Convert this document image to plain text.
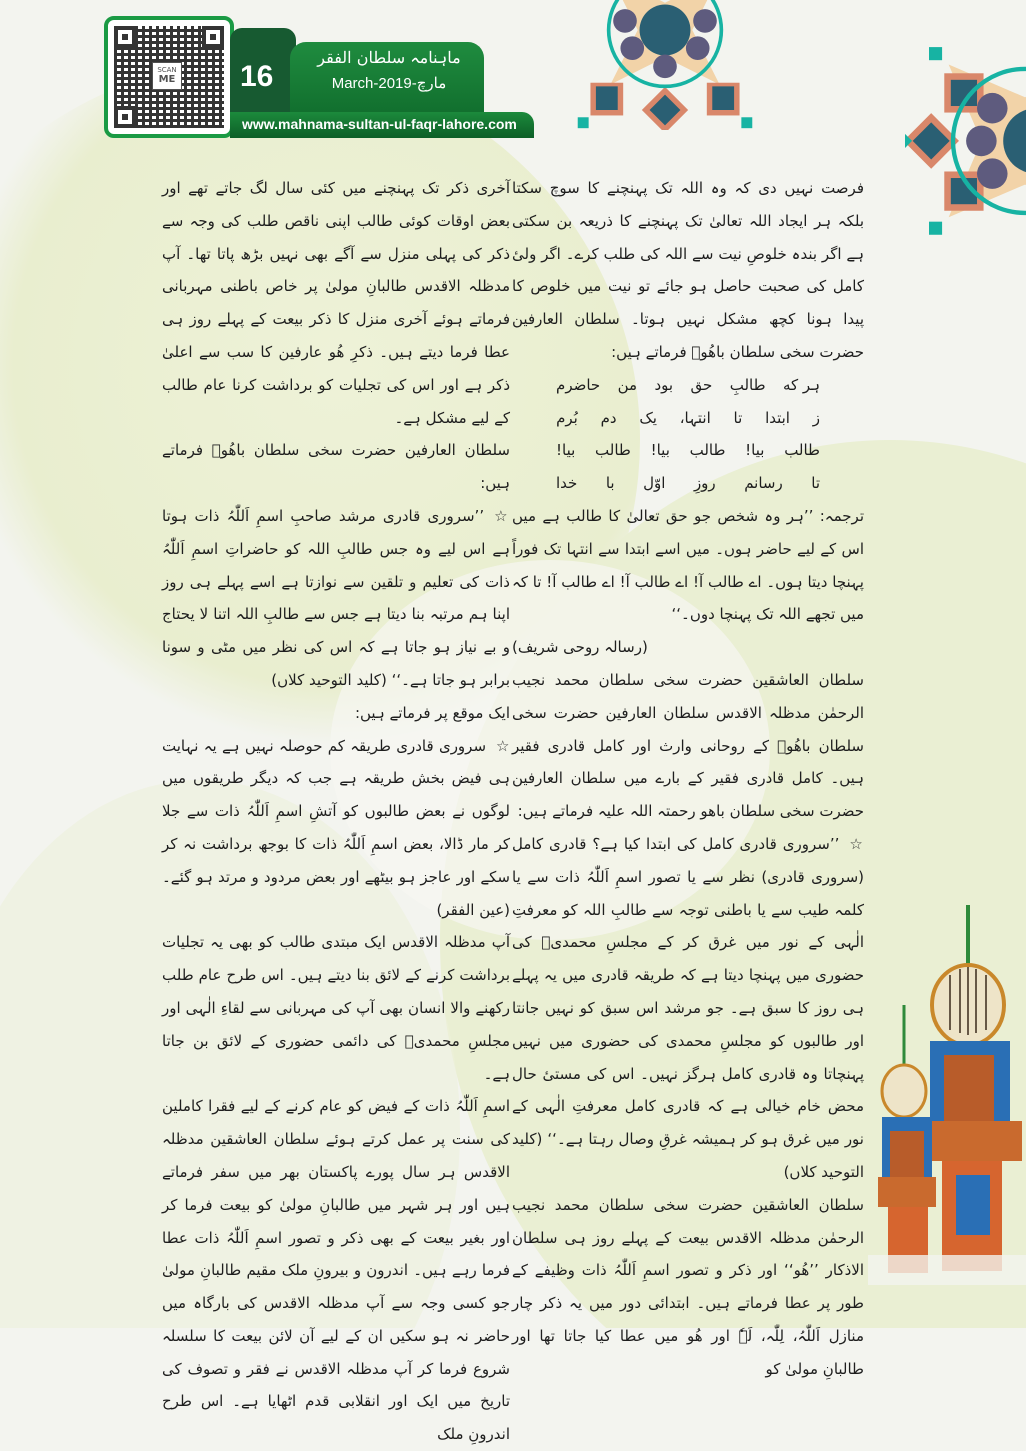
SCAN
ME 16
ماہنامہ سلطان الفقر
March-2019-مارچ
www.mahnama-sultan-ul-faqr-lahore.com

فرصت نہیں دی کہ وہ اللہ تک پہنچنے کا سوچ سکتا بلکہ ہر ایجاد اللہ تعالیٰ تک پہنچنے کا ذریعہ بن سکتی ہے اگر بندہ خلوصِ نیت سے اللہ کی طلب کرے۔ اگر ولیٔ کامل کی صحبت حاصل ہو جائے تو نیت میں خلوص کا پیدا ہونا کچھ مشکل نہیں ہوتا۔ سلطان العارفین حضرت سخی سلطان باھُوؒ فرماتے ہیں:

ہر که
طالبِ
حق
بود
من
حاضرم
ز
ابتدا
تا
انتہا،
یک
دم
بُرم
طالب
بیا!
طالب
بیا!
طالب
بیا!
تا
رسانم
روزِ
اوّل
با
خدا

ترجمہ: ’’ہر وہ شخص جو حق تعالیٰ کا طالب ہے میں اس کے لیے حاضر ہوں۔ میں اسے ابتدا سے انتہا تک فوراً پہنچا دیتا ہوں۔ اے طالب آ! اے طالب آ! اے طالب آ! تا کہ میں تجھے اللہ تک پہنچا دوں۔‘‘

(رسالہ روحی شریف)

سلطان العاشقین حضرت سخی سلطان محمد نجیب الرحمٰن مدظلہ الاقدس سلطان العارفین حضرت سخی سلطان باھُوؒ کے روحانی وارث اور کامل قادری فقیر ہیں۔ کامل قادری فقیر کے بارے میں سلطان العارفین حضرت سخی سلطان باھو رحمتہ اللہ علیہ فرماتے ہیں:

☆’’سروری قادری کامل کی ابتدا کیا ہے؟ قادری کامل (سروری قادری) نظر سے یا تصور اسمِ اَللّٰہُ ذات سے یا کلمہ طیب سے یا باطنی توجہ سے طالبِ اللہ کو معرفتِ الٰہی کے نور میں غرق کر کے مجلسِ محمدیؐ کی حضوری میں پہنچا دیتا ہے کہ طریقہ قادری میں یہ پہلے ہی روز کا سبق ہے۔ جو مرشد اس سبق کو نہیں جانتا اور طالبوں کو مجلسِ محمدی کی حضوری میں نہیں پہنچاتا وہ قادری کامل ہرگز نہیں۔ اس کی مستیٔ حال محض خام خیالی ہے کہ قادری کامل معرفتِ الٰہی کے نور میں غرق ہو کر ہمیشہ غرقِ وصال رہتا ہے۔‘‘ (کلید التوحید کلاں)

سلطان العاشقین حضرت سخی سلطان محمد نجیب الرحمٰن مدظلہ الاقدس بیعت کے پہلے روز ہی سلطان الاذکار ’’ھُو‘‘ اور ذکر و تصور اسمِ اَللّٰہُ ذات وظیفے کے طور پر عطا فرماتے ہیں۔ ابتدائی دور میں یہ ذکر چار منازل اَللّٰہُ، لِلّٰہ، لَہٗ اور ھُو میں عطا کیا جاتا تھا اور طالبانِ مولیٰ کو

آخری ذکر تک پہنچنے میں کئی سال لگ جاتے تھے اور بعض اوقات کوئی طالب اپنی ناقص طلب کی وجہ سے ذکر کی پہلی منزل سے آگے بھی نہیں بڑھ پاتا تھا۔ آپ مدظلہ الاقدس طالبانِ مولیٰ پر خاص باطنی مہربانی فرماتے ہوئے آخری منزل کا ذکر بیعت کے پہلے روز ہی عطا فرما دیتے ہیں۔ ذکرِ ھُو عارفین کا سب سے اعلیٰ ذکر ہے اور اس کی تجلیات کو برداشت کرنا عام طالب کے لیے مشکل ہے۔

سلطان العارفین حضرت سخی سلطان باھُوؒ فرماتے ہیں:

☆’’سروری قادری مرشد صاحبِ اسمِ اَللّٰہُ ذات ہوتا ہے اس لیے وہ جس طالبِ اللہ کو حاضراتِ اسمِ اَللّٰہُ ذات کی تعلیم و تلقین سے نوازتا ہے اسے پہلے ہی روز اپنا ہم مرتبہ بنا دیتا ہے جس سے طالبِ اللہ اتنا لا یحتاج و بے نیاز ہو جاتا ہے کہ اس کی نظر میں مٹی و سونا برابر ہو جاتا ہے۔‘‘ (کلید التوحید کلاں)

ایک موقع پر فرماتے ہیں:

☆سروری قادری طریقہ کم حوصلہ نہیں ہے یہ نہایت ہی فیض بخش طریقہ ہے جب کہ دیگر طریقوں میں لوگوں نے بعض طالبوں کو آتشِ اسمِ اَللّٰہُ ذات سے جلا کر مار ڈالا، بعض اسمِ اَللّٰہُ ذات کا بوجھ برداشت نہ کر سکے اور عاجز ہو بیٹھے اور بعض مردود و مرتد ہو گئے۔ (عین الفقر)

آپ مدظلہ الاقدس ایک مبتدی طالب کو بھی یہ تجلیات برداشت کرنے کے لائق بنا دیتے ہیں۔ اس طرح عام طلب رکھنے والا انسان بھی آپ کی مہربانی سے لقاءِ الٰہی اور مجلسِ محمدیؐ کی دائمی حضوری کے لائق بن جاتا ہے۔

اسمِ اَللّٰہُ ذات کے فیض کو عام کرنے کے لیے فقرا کاملین کی سنت پر عمل کرتے ہوئے سلطان العاشقین مدظلہ الاقدس ہر سال پورے پاکستان بھر میں سفر فرماتے ہیں اور ہر شہر میں طالبانِ مولیٰ کو بیعت فرما کر اور بغیر بیعت کے بھی ذکر و تصور اسمِ اَللّٰہُ ذات عطا فرما رہے ہیں۔ اندرون و بیرونِ ملک مقیم طالبانِ مولیٰ جو کسی وجہ سے آپ مدظلہ الاقدس کی بارگاہ میں حاضر نہ ہو سکیں ان کے لیے آن لائن بیعت کا سلسلہ شروع فرما کر آپ مدظلہ الاقدس نے فقر و تصوف کی تاریخ میں ایک اور انقلابی قدم اٹھایا ہے۔ اس طرح اندرونِ ملک
